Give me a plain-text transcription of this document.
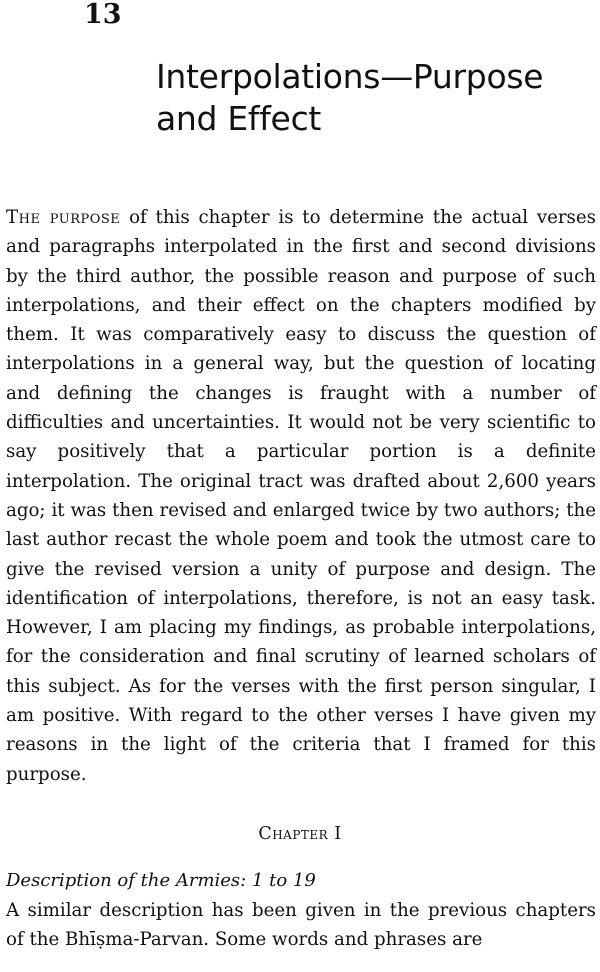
13
Interpolations—Purpose
and Effect

The purpose of this chapter is to determine the actual verses and paragraphs interpolated in the first and second divisions by the third author, the possible reason and purpose of such interpolations, and their effect on the chapters modified by them. It was comparatively easy to discuss the question of interpolations in a general way, but the question of locating and defining the changes is fraught with a number of difficulties and uncertainties. It would not be very scientific to say positively that a particular portion is a definite interpolation. The original tract was drafted about 2,600 years ago; it was then revised and enlarged twice by two authors; the last author recast the whole poem and took the utmost care to give the revised version a unity of purpose and design. The identification of interpolations, therefore, is not an easy task. However, I am placing my findings, as probable interpolations, for the consideration and final scrutiny of learned scholars of this subject. As for the verses with the first person singular, I am positive. With regard to the other verses I have given my reasons in the light of the criteria that I framed for this purpose.

Chapter I
Description of the Armies: 1 to 19

A similar description has been given in the previous chapters of the Bhīṣma-Parvan. Some words and phrases are
